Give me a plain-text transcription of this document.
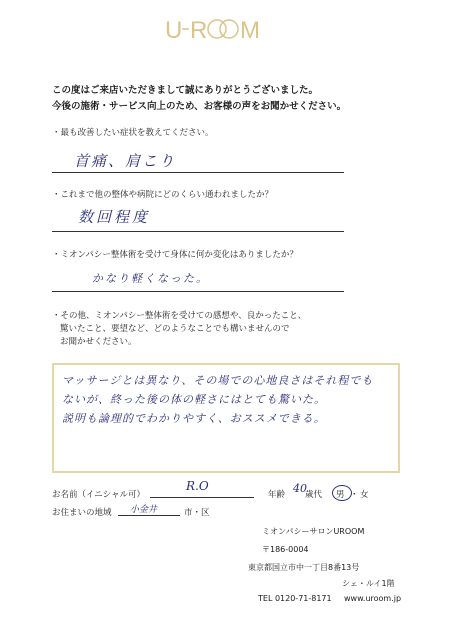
U R M
この度はご来店いただきまして誠にありがとうございました。
今後の施術・サービス向上のため、お客様の声をお聞かせください。
・最も改善したい症状を教えてください。
首痛、肩こり
・これまで他の整体や病院にどのくらい通われましたか？
数回程度
・ミオンパシー整体術を受けて身体に何か変化はありましたか？
かなり軽くなった。
・その他、ミオンパシー整体術を受けての感想や、良かったこと、
驚いたこと、要望など、どのようなことでも構いませんので
お聞かせください。
マッサージとは異なり、その場での心地良さはそれ程でも
ないが、終った後の体の軽さにはとても驚いた。
説明も論理的でわかりやすく、おススメできる。
お名前（イニシャル可）
R.O
年齢 40
歳代 男 ・ 女
お住まいの地域 小金井	市・区
ミオンパシーサロンUROOM
〒186-0004
東京都国立市中一丁目8番13号
シェ・ルイ1階
TEL 0120-71-8171 www.uroom.jp
